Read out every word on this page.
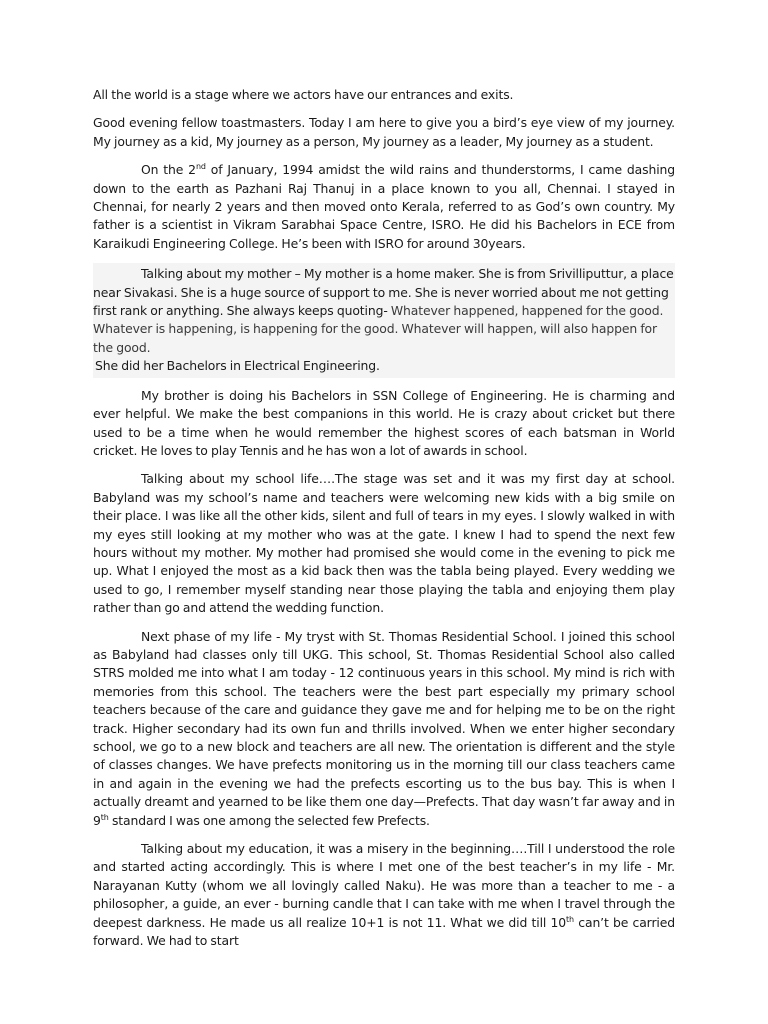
All the world is a stage where we actors have our entrances and exits.

Good evening fellow toastmasters. Today I am here to give you a bird’s eye view of my journey. My journey as a kid, My journey as a person, My journey as a leader, My journey as a student.

On the 2nd of January, 1994 amidst the wild rains and thunderstorms, I came dashing down to the earth as Pazhani Raj Thanuj in a place known to you all, Chennai. I stayed in Chennai, for nearly 2 years and then moved onto Kerala, referred to as God’s own country. My father is a scientist in Vikram Sarabhai Space Centre, ISRO. He did his Bachelors in ECE from Karaikudi Engineering College. He’s been with ISRO for around 30years.

Talking about my mother – My mother is a home maker. She is from Srivilliputtur, a place near Sivakasi. She is a huge source of support to me. She is never worried about me not getting first rank or anything. She always keeps quoting- Whatever happened, happened for the good. Whatever is happening, is happening for the good. Whatever will happen, will also happen for the good.

She did her Bachelors in Electrical Engineering.

My brother is doing his Bachelors in SSN College of Engineering. He is charming and ever helpful. We make the best companions in this world. He is crazy about cricket but there used to be a time when he would remember the highest scores of each batsman in World cricket. He loves to play Tennis and he has won a lot of awards in school.

Talking about my school life….The stage was set and it was my first day at school. Babyland was my school’s name and teachers were welcoming new kids with a big smile on their place. I was like all the other kids, silent and full of tears in my eyes. I slowly walked in with my eyes still looking at my mother who was at the gate. I knew I had to spend the next few hours without my mother. My mother had promised she would come in the evening to pick me up. What I enjoyed the most as a kid back then was the tabla being played. Every wedding we used to go, I remember myself standing near those playing the tabla and enjoying them play rather than go and attend the wedding function.

Next phase of my life - My tryst with St. Thomas Residential School. I joined this school as Babyland had classes only till UKG. This school, St. Thomas Residential School also called STRS molded me into what I am today - 12 continuous years in this school. My mind is rich with memories from this school. The teachers were the best part especially my primary school teachers because of the care and guidance they gave me and for helping me to be on the right track. Higher secondary had its own fun and thrills involved. When we enter higher secondary school, we go to a new block and teachers are all new. The orientation is different and the style of classes changes. We have prefects monitoring us in the morning till our class teachers came in and again in the evening we had the prefects escorting us to the bus bay. This is when I actually dreamt and yearned to be like them one day—Prefects. That day wasn’t far away and in 9th standard I was one among the selected few Prefects.

Talking about my education, it was a misery in the beginning….Till I understood the role and started acting accordingly. This is where I met one of the best teacher’s in my life - Mr. Narayanan Kutty (whom we all lovingly called Naku). He was more than a teacher to me - a philosopher, a guide, an ever - burning candle that I can take with me when I travel through the deepest darkness. He made us all realize 10+1 is not 11. What we did till 10th can’t be carried forward. We had to start
